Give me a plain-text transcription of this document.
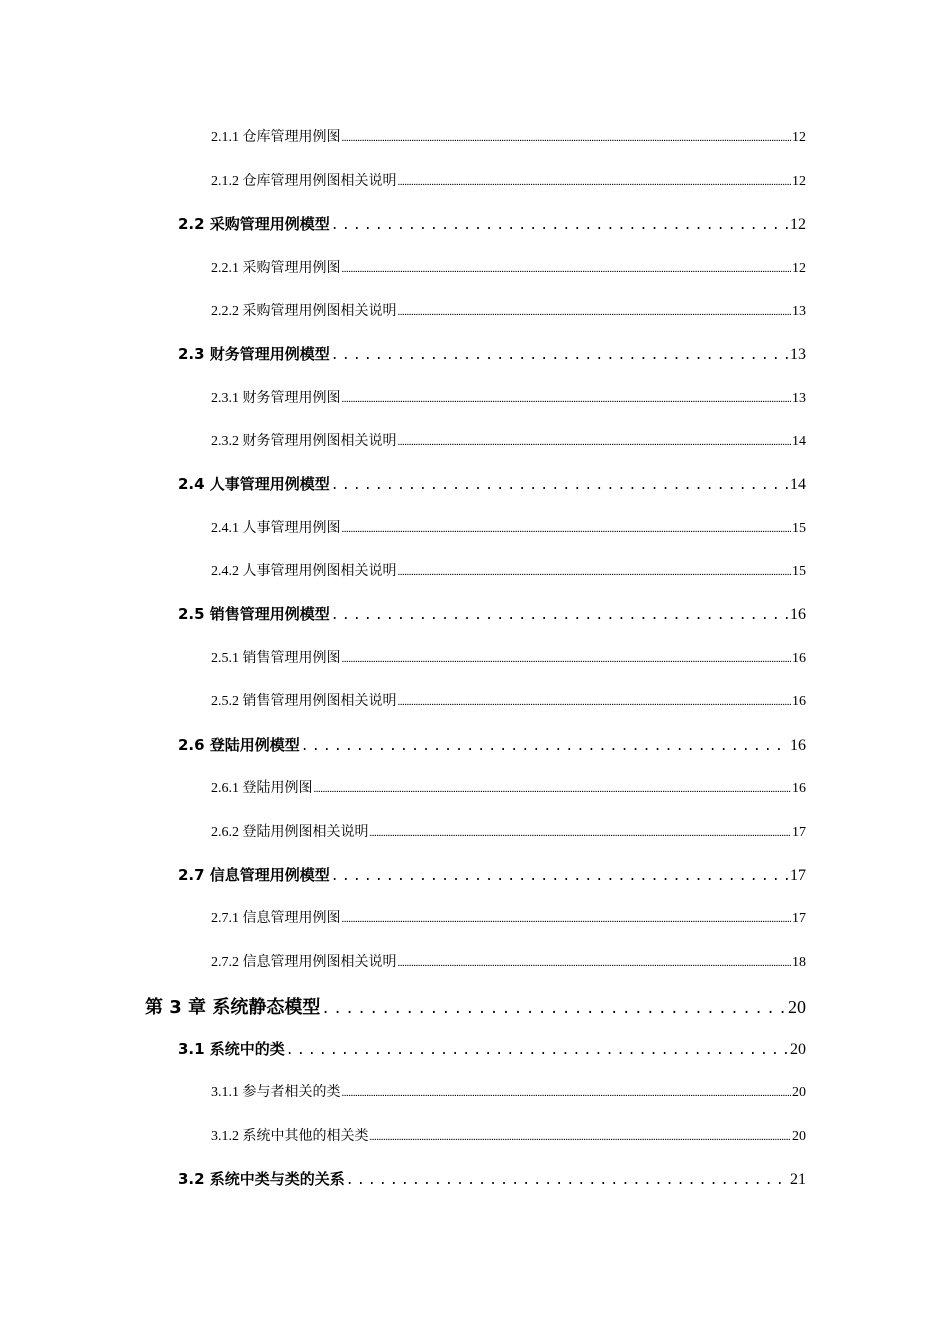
2.1.1 仓库管理用例图 .....	12
2.1.2 仓库管理用例图相关说明 .....	12
2.2 采购管理用例模型 .....	12
2.2.1 采购管理用例图 .....	12
2.2.2 采购管理用例图相关说明 .....	13
2.3 财务管理用例模型 .....	13
2.3.1 财务管理用例图 .....	13
2.3.2 财务管理用例图相关说明 .....	14
2.4 人事管理用例模型 .....	14
2.4.1 人事管理用例图 .....	15
2.4.2 人事管理用例图相关说明 .....	15
2.5 销售管理用例模型 .....	16
2.5.1 销售管理用例图 .....	16
2.5.2 销售管理用例图相关说明 .....	16
2.6 登陆用例模型 .....	16
2.6.1 登陆用例图 .....	16
2.6.2 登陆用例图相关说明 .....	17
2.7 信息管理用例模型 .....	17
2.7.1 信息管理用例图 .....	17
2.7.2 信息管理用例图相关说明 .....	18
第 3 章 系统静态模型 .....	20
3.1 系统中的类 .....	20
3.1.1 参与者相关的类 .....	20
3.1.2 系统中其他的相关类 .....	20
3.2 系统中类与类的关系 .....	21
